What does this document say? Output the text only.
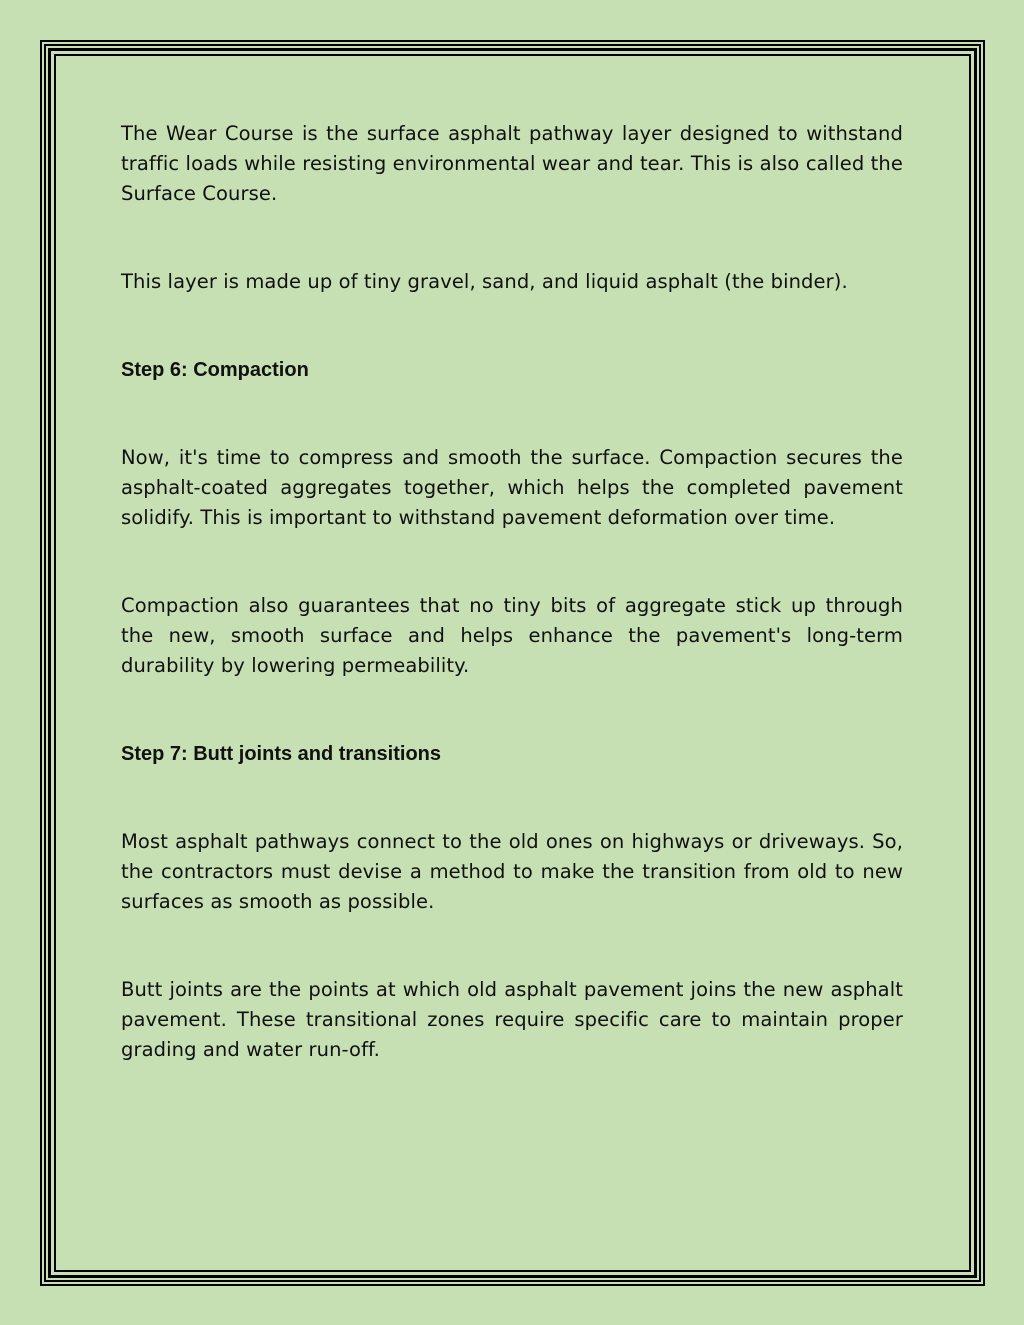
The Wear Course is the surface asphalt pathway layer designed to withstand traffic loads while resisting environmental wear and tear. This is also called the Surface Course.

This layer is made up of tiny gravel, sand, and liquid asphalt (the binder).

Step 6: Compaction

Now, it's time to compress and smooth the surface. Compaction secures the asphalt-coated aggregates together, which helps the completed pavement solidify. This is important to withstand pavement deformation over time.

Compaction also guarantees that no tiny bits of aggregate stick up through the new, smooth surface and helps enhance the pavement's long-term durability by lowering permeability.

Step 7: Butt joints and transitions

Most asphalt pathways connect to the old ones on highways or driveways. So, the contractors must devise a method to make the transition from old to new surfaces as smooth as possible.

Butt joints are the points at which old asphalt pavement joins the new asphalt pavement. These transitional zones require specific care to maintain proper grading and water run-off.
